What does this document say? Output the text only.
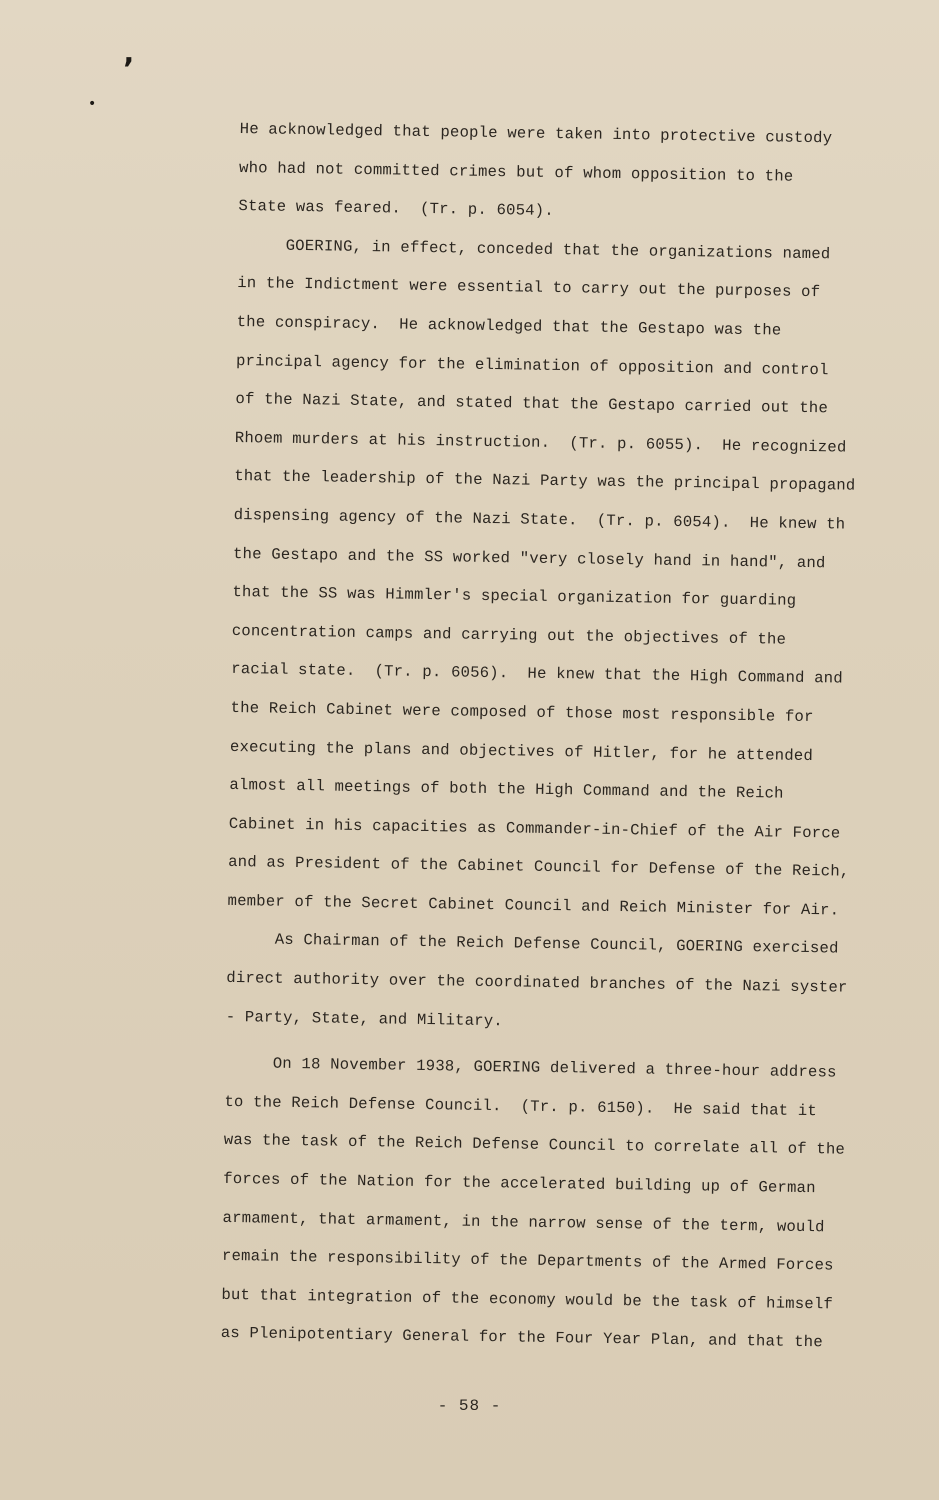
’
•

He acknowledged that people were taken into protective custody

who had not committed crimes but of whom opposition to the

State was feared.  (Tr. p. 6054).

GOERING, in effect, conceded that the organizations named

in the Indictment were essential to carry out the purposes of

the conspiracy.  He acknowledged that the Gestapo was the

principal agency for the elimination of opposition and control

of the Nazi State, and stated that the Gestapo carried out the

Rhoem murders at his instruction.  (Tr. p. 6055).  He recognized

that the leadership of the Nazi Party was the principal propagand

dispensing agency of the Nazi State.  (Tr. p. 6054).  He knew th

the Gestapo and the SS worked "very closely hand in hand", and

that the SS was Himmler's special organization for guarding

concentration camps and carrying out the objectives of the

racial state.  (Tr. p. 6056).  He knew that the High Command and

the Reich Cabinet were composed of those most responsible for

executing the plans and objectives of Hitler, for he attended

almost all meetings of both the High Command and the Reich

Cabinet in his capacities as Commander-in-Chief of the Air Force

and as President of the Cabinet Council for Defense of the Reich,

member of the Secret Cabinet Council and Reich Minister for Air.

As Chairman of the Reich Defense Council, GOERING exercised

direct authority over the coordinated branches of the Nazi syster

- Party, State, and Military.

On 18 November 1938, GOERING delivered a three-hour address

to the Reich Defense Council.  (Tr. p. 6150).  He said that it

was the task of the Reich Defense Council to correlate all of the

forces of the Nation for the accelerated building up of German

armament, that armament, in the narrow sense of the term, would

remain the responsibility of the Departments of the Armed Forces

but that integration of the economy would be the task of himself

as Plenipotentiary General for the Four Year Plan, and that the

- 58 -
